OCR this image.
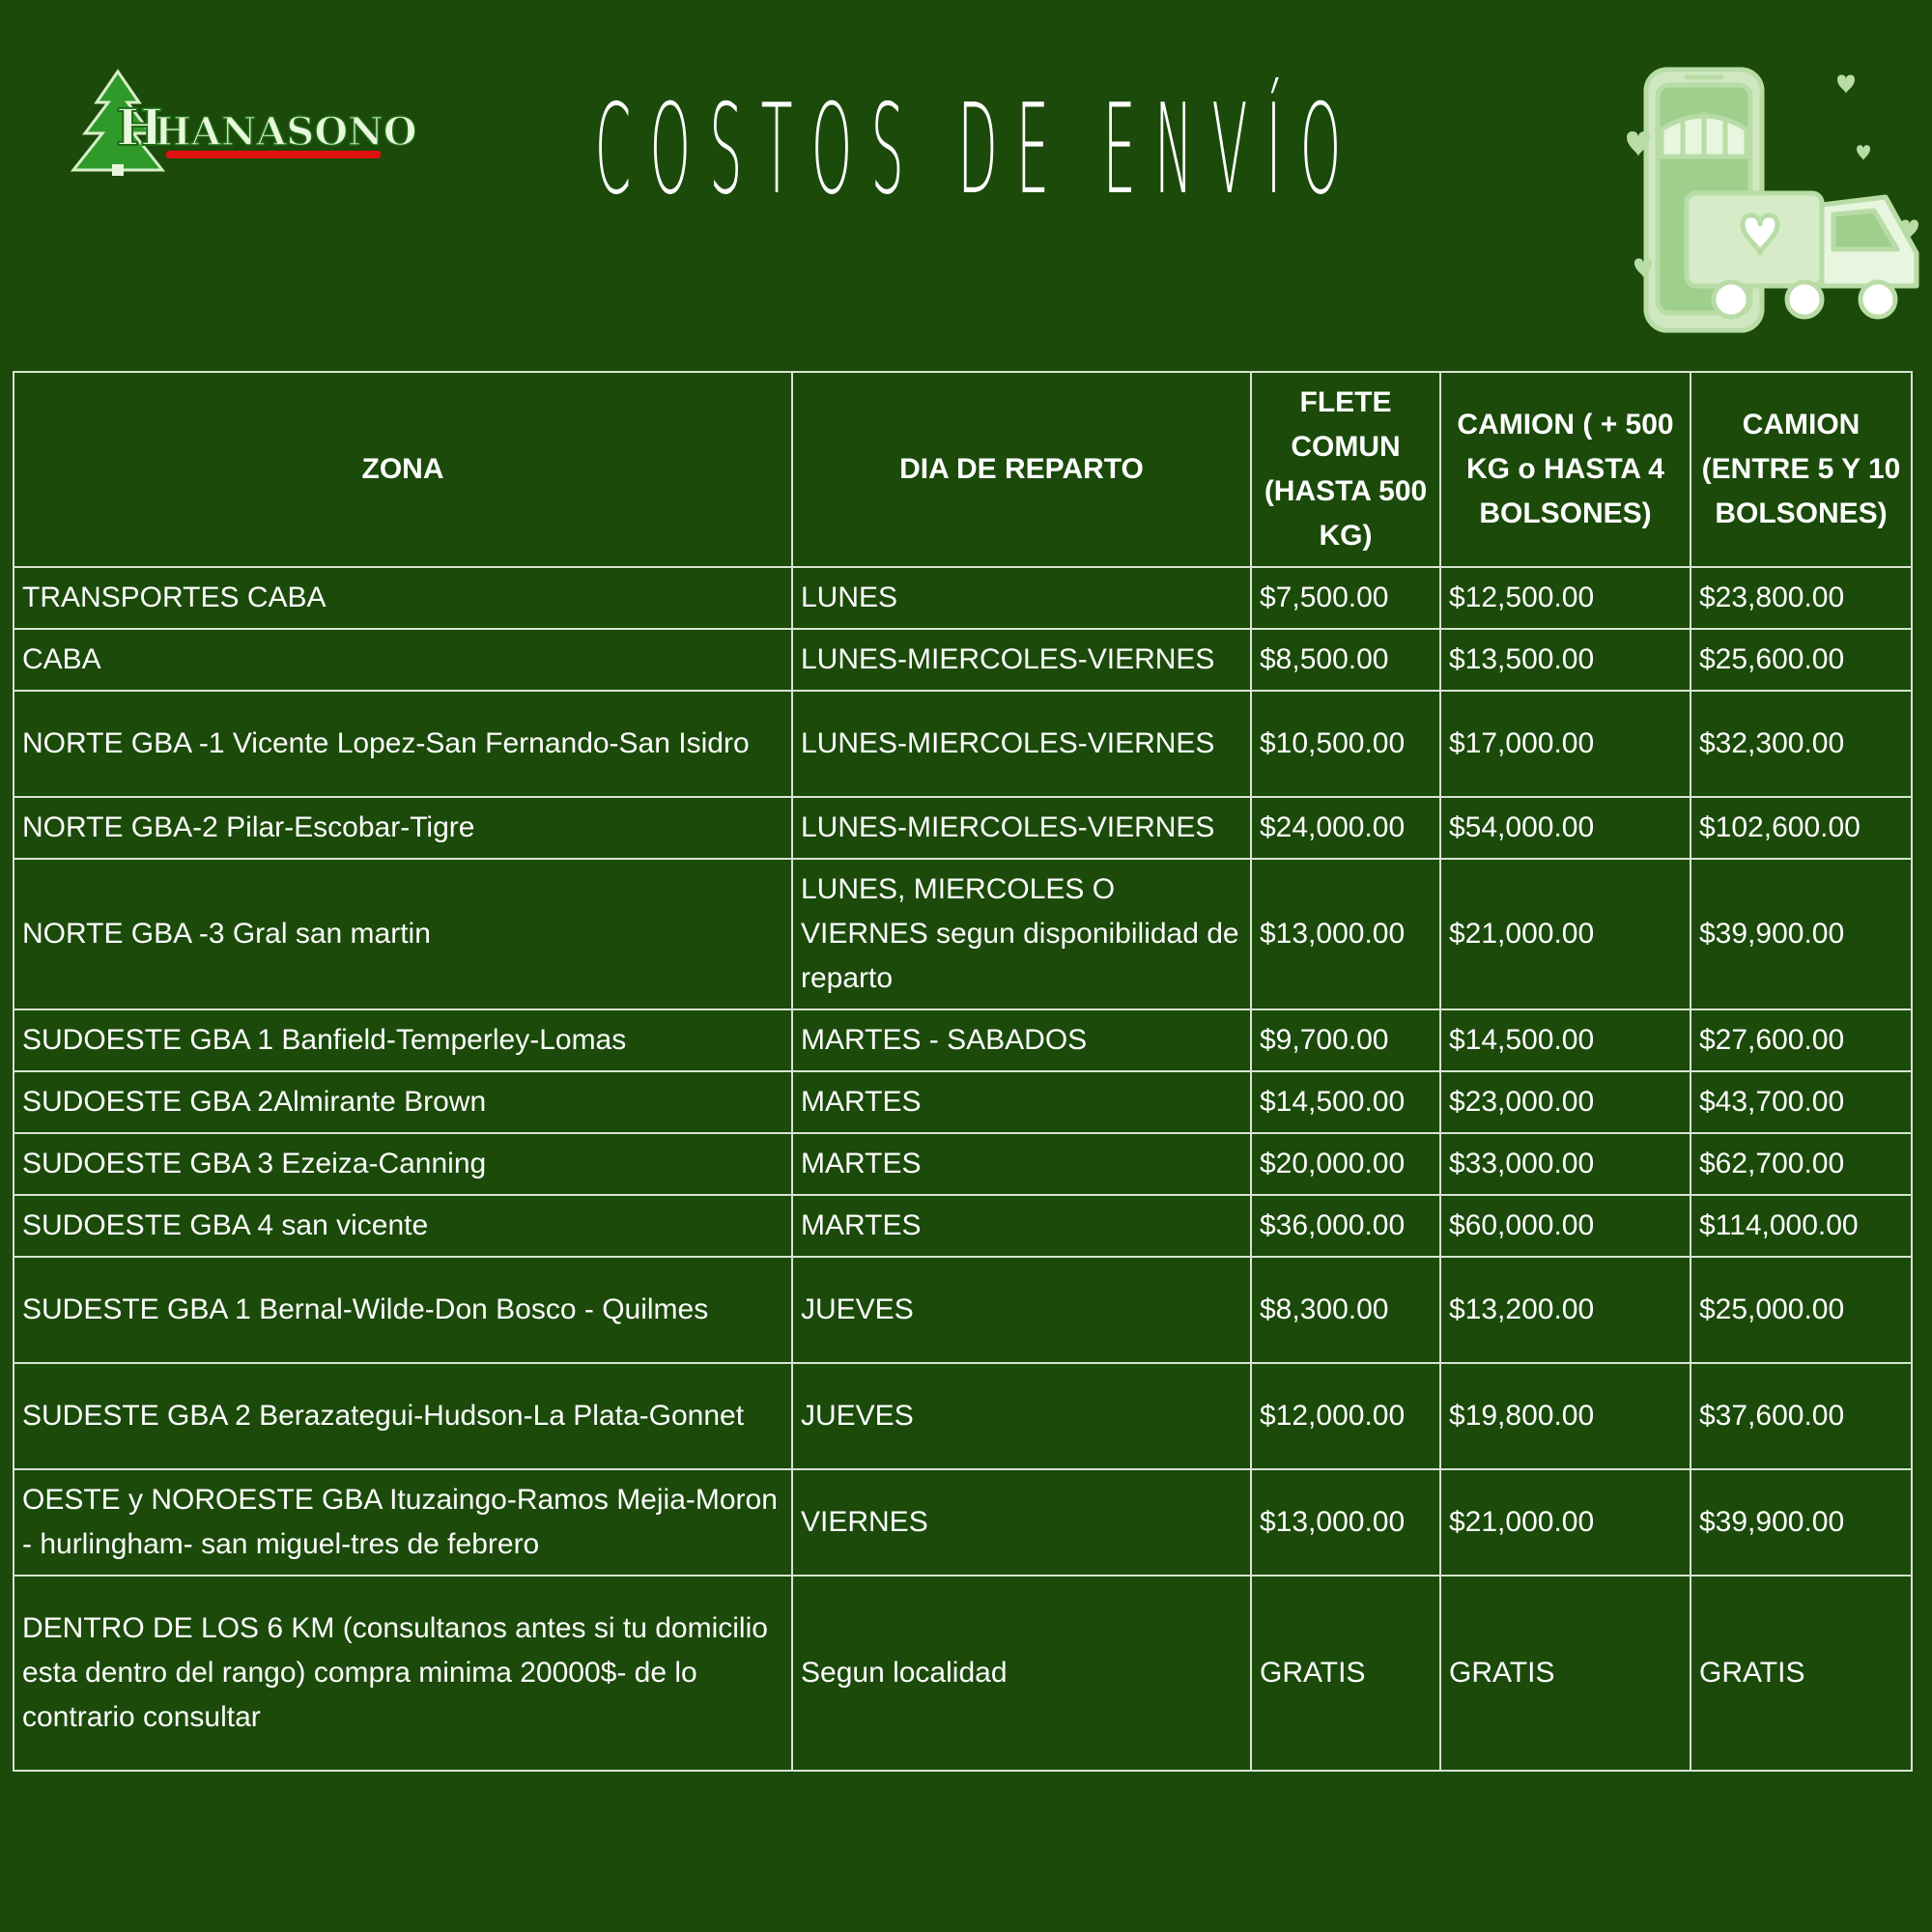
H
HANASONO COSTOS DE ENVÍO
ZONA	DIA DE REPARTO	FLETE COMUN (HASTA 500 KG)	CAMION ( + 500 KG o HASTA 4 BOLSONES)	CAMION (ENTRE 5 Y 10 BOLSONES)
TRANSPORTES CABA	LUNES	$7,500.00	$12,500.00	$23,800.00
CABA	LUNES-MIERCOLES-VIERNES	$8,500.00	$13,500.00	$25,600.00
NORTE GBA -1 Vicente Lopez-San Fernando-San Isidro	LUNES-MIERCOLES-VIERNES	$10,500.00	$17,000.00	$32,300.00
NORTE GBA-2 Pilar-Escobar-Tigre	LUNES-MIERCOLES-VIERNES	$24,000.00	$54,000.00	$102,600.00
NORTE GBA -3 Gral san martin	LUNES, MIERCOLES O VIERNES segun disponibilidad de reparto	$13,000.00	$21,000.00	$39,900.00
SUDOESTE GBA 1 Banfield-Temperley-Lomas	MARTES - SABADOS	$9,700.00	$14,500.00	$27,600.00
SUDOESTE GBA 2Almirante Brown	MARTES	$14,500.00	$23,000.00	$43,700.00
SUDOESTE GBA 3 Ezeiza-Canning	MARTES	$20,000.00	$33,000.00	$62,700.00
SUDOESTE GBA 4 san vicente	MARTES	$36,000.00	$60,000.00	$114,000.00
SUDESTE GBA 1 Bernal-Wilde-Don Bosco - Quilmes	JUEVES	$8,300.00	$13,200.00	$25,000.00
SUDESTE GBA 2 Berazategui-Hudson-La Plata-Gonnet	JUEVES	$12,000.00	$19,800.00	$37,600.00
OESTE y NOROESTE GBA Ituzaingo-Ramos Mejia-Moron - hurlingham- san miguel-tres de febrero	VIERNES	$13,000.00	$21,000.00	$39,900.00
DENTRO DE LOS 6 KM (consultanos antes si tu domicilio esta dentro del rango) compra minima 20000$- de lo contrario consultar	Segun localidad	GRATIS	GRATIS	GRATIS
